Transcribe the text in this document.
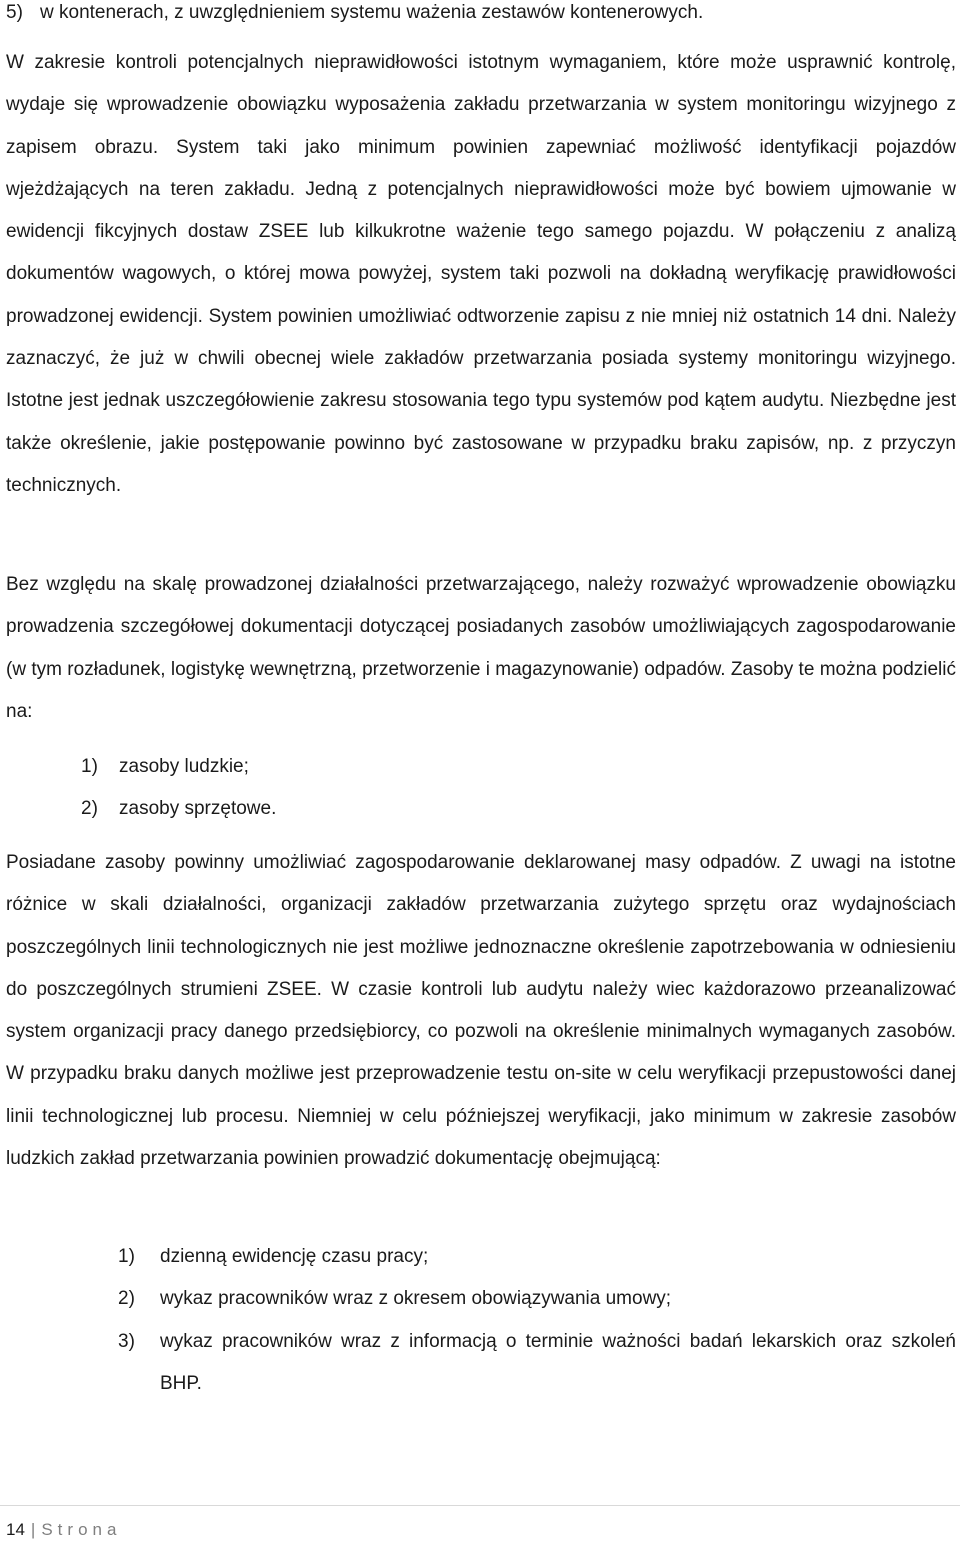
5) w kontenerach, z uwzględnieniem systemu ważenia zestawów kontenerowych.

W zakresie kontroli potencjalnych nieprawidłowości istotnym wymaganiem, które może usprawnić kontrolę, wydaje się wprowadzenie obowiązku wyposażenia zakładu przetwarzania w system monitoringu wizyjnego z zapisem obrazu. System taki jako minimum powinien zapewniać możliwość identyfikacji pojazdów wjeżdżających na teren zakładu. Jedną z potencjalnych nieprawidłowości może być bowiem ujmowanie w ewidencji fikcyjnych dostaw ZSEE lub kilkukrotne ważenie tego samego pojazdu. W połączeniu z analizą dokumentów wagowych, o której mowa powyżej, system taki pozwoli na dokładną weryfikację prawidłowości prowadzonej ewidencji. System powinien umożliwiać odtworzenie zapisu z nie mniej niż ostatnich 14 dni. Należy zaznaczyć, że już w chwili obecnej wiele zakładów przetwarzania posiada systemy monitoringu wizyjnego. Istotne jest jednak uszczegółowienie zakresu stosowania tego typu systemów pod kątem audytu. Niezbędne jest także określenie, jakie postępowanie powinno być zastosowane w przypadku braku zapisów, np. z przyczyn technicznych.

Bez względu na skalę prowadzonej działalności przetwarzającego, należy rozważyć wprowadzenie obowiązku prowadzenia szczegółowej dokumentacji dotyczącej posiadanych zasobów umożliwiających zagospodarowanie (w tym rozładunek, logistykę wewnętrzną, przetworzenie i magazynowanie) odpadów. Zasoby te można podzielić na:

1)	zasoby ludzkie;
2)	zasoby sprzętowe.

Posiadane zasoby powinny umożliwiać zagospodarowanie deklarowanej masy odpadów. Z uwagi na istotne różnice w skali działalności, organizacji zakładów przetwarzania zużytego sprzętu oraz wydajnościach poszczególnych linii technologicznych nie jest możliwe jednoznaczne określenie zapotrzebowania w odniesieniu do poszczególnych strumieni ZSEE. W czasie kontroli lub audytu należy wiec każdorazowo przeanalizować system organizacji pracy danego przedsiębiorcy, co pozwoli na określenie minimalnych wymaganych zasobów. W przypadku braku danych możliwe jest przeprowadzenie testu on-site w celu weryfikacji przepustowości danej linii technologicznej lub procesu. Niemniej w celu późniejszej weryfikacji, jako minimum w zakresie zasobów ludzkich zakład przetwarzania powinien prowadzić dokumentację obejmującą:

1)	dzienną ewidencję czasu pracy;
2)	wykaz pracowników wraz z okresem obowiązywania umowy;
3)	wykaz pracowników wraz z informacją o terminie ważności badań lekarskich oraz szkoleń BHP.
14 | Strona
